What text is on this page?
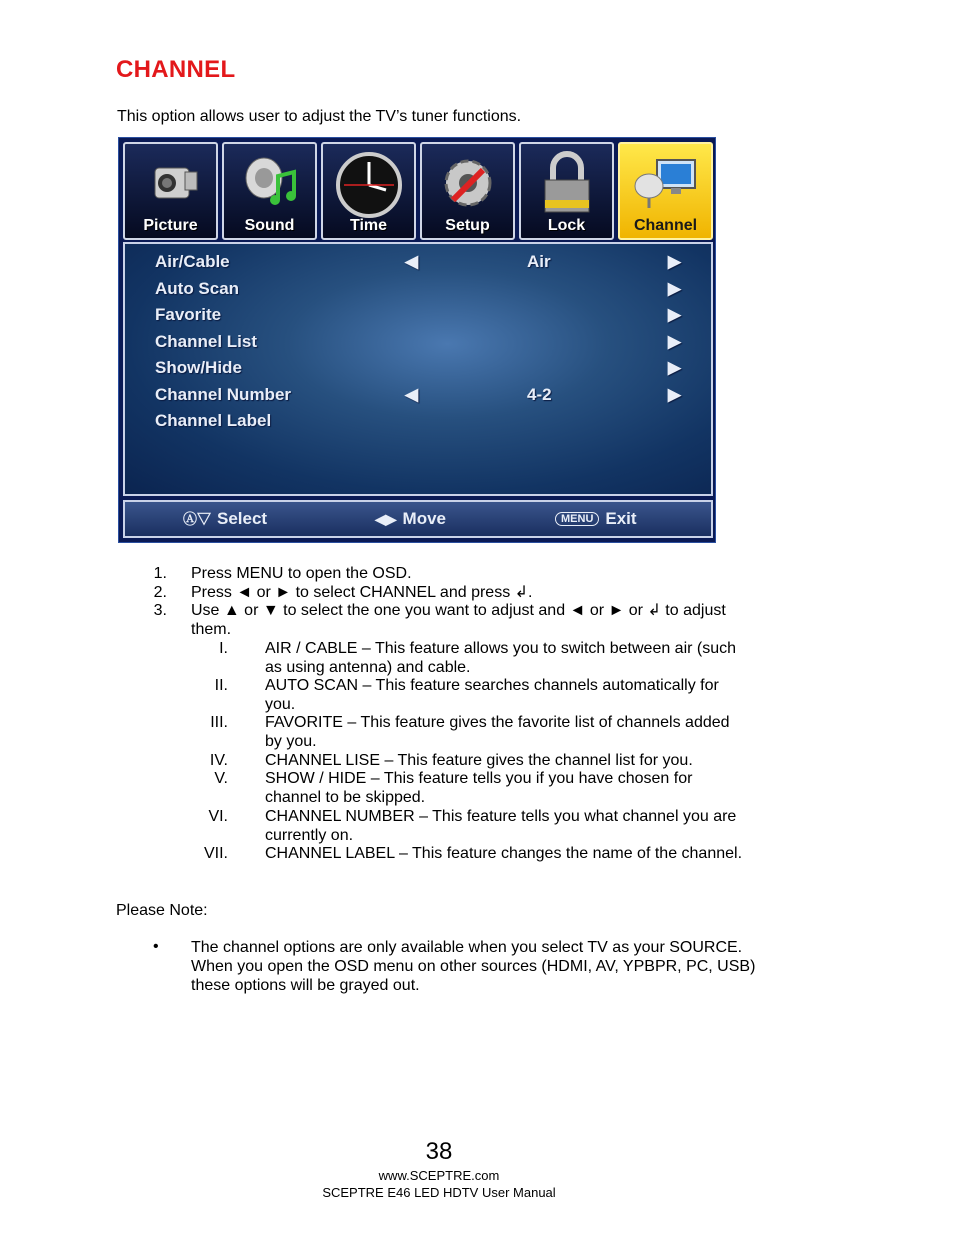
CHANNEL
This option allows user to adjust the TV’s tuner functions.
Picture	Sound	Time	Setup	Lock	Channel
Air/Cable	◀	Air	▶
Auto Scan	▶
Favorite	▶
Channel List	▶
Show/Hide	▶
Channel Number	◀	4-2	▶
Channel Label
Ⓐ▽ Select	◀▶ Move	MENU Exit
1. Press MENU to open the OSD.
2. Press ◄ or ► to select CHANNEL and press ↲.
3. Use ▲ or ▼ to select the one you want to adjust and ◄ or ► or ↲ to adjust
them.
I. AIR / CABLE – This feature allows you to switch between air (such
as using antenna) and cable.
II. AUTO SCAN – This feature searches channels automatically for
you.
III. FAVORITE – This feature gives the favorite list of channels added
by you.
IV. CHANNEL LISE – This feature gives the channel list for you.
V. SHOW / HIDE – This feature tells you if you have chosen for
channel to be skipped.
VI. CHANNEL NUMBER – This feature tells you what channel you are
currently on.
VII. CHANNEL LABEL – This feature changes the name of the channel.
Please Note:
• The channel options are only available when you select TV as your SOURCE. When you open the OSD menu on other sources (HDMI, AV, YPBPR, PC, USB) these options will be grayed out.
38
www.SCEPTRE.com
SCEPTRE E46 LED HDTV User Manual
